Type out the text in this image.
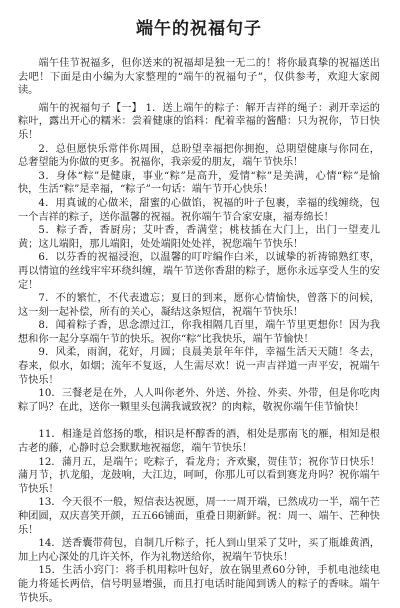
端午的祝福句子

端午佳节祝福多，但你送来的祝福却是独一无二的！将你最真挚的祝福送出去吧！下面是由小编为大家整理的“端午的祝福句子”，仅供参考，欢迎大家阅读。

端午的祝福句子【一】 1．送上端午的粽子：解开吉祥的绳子：剥开幸运的粽叶，露出开心的糯米：尝着健康的馅料：配着幸福的酱醋：只为祝你，节日快乐！

2．总但愿快乐常伴你周围，总盼望幸福把你拥抱，总期望健康与你同在，总奢望能为你做的更多。祝福你，我亲爱的朋友，端午节快乐！

3．身体“粽”是健康，事业“粽”是高升，爱情“粽”是美满，心情“粽”是愉快，生活“粽”是幸福，“粽子”一句话：端午节开心快乐！

4．用真诚的心做米，甜蜜的心做馅，祝福的叶子包裹，幸福的线缠绕，包一个吉祥的粽子，送你温馨的祝福。祝你端午节合家安康，福寿绵长！

5．粽子香，香厨房；艾叶香，香满堂；桃枝插在大门上，出门一望麦儿黄；这儿端阳，那儿端阳，处处端阳处处祥，祝您端午节快乐！

6．以芬香的祝福浸泡，以温馨的叮咛编作白米，以诚挚的祈祷锦熟红枣，再以情谊的丝线牢牢环绕纠缠，端午节送你香甜的粽子，愿你永远享受人生的安定！

7．不的繁忙，不代表遗忘；夏日的到来，愿你心情愉快，曾落下的问候，这一刻一起补偿，所有的关心，凝结这条短信，祝端午节快乐！

8．闻着粽子香，思念漂过江，你我相隔几百里，端午节里更想你！因为我想和你一起分享端午节的快乐。祝你“粽”比我快乐，端午节愉快！

9．风柔，雨润，花好，月圆；良晨美景年年伴，幸福生活天天随！冬去，春来，似水，如烟；流年不复返，人生需尽欢！说一声吉祥道一声平安，祝端午节快乐！

10．三餐老是在外，人人叫你老外、外送、外捡、外卖、外带，但是你吃肉粽了吗？在此，送你一颗里头包满我诚致祝？的肉粽，敬祝你端午佳节愉快！

11．相逢是首悠扬的歌，相识是杯醇香的酒，相处是那南飞的雁，相知是根古老的藤，心静时总会默默地祝福您，端午节快乐！

12．蒲月五，是端午；吃粽子，看龙舟；齐欢聚，贺佳节；祝你节日快乐！蒲月节，扒龙船，龙鼓响，大江边，呵呵，你那儿可以看到赛龙舟吗？祝你端午节快乐！

13．今天很不一般，短信表达祝愿，周一一周开端，已然成功一半，端午芒种团圆，双庆喜笑开颜，五五66铺面，重叠日期新鲜。祝：周一、端午、芒种快乐！

14．送香囊带荷包，自制几斤粽子，托人到山里采了艾叶，买了瓶雄黄酒，加上内心深处的几许关怀，作为礼物送给你，祝端午节快乐！

15．生活小窍门：将手机用粽叶包好，放在锅里煮60分钟，手机电池续电能力将延长两倍，信号明显增强，而且打电话时能闻到诱人的粽子的香味。端午节快乐。
